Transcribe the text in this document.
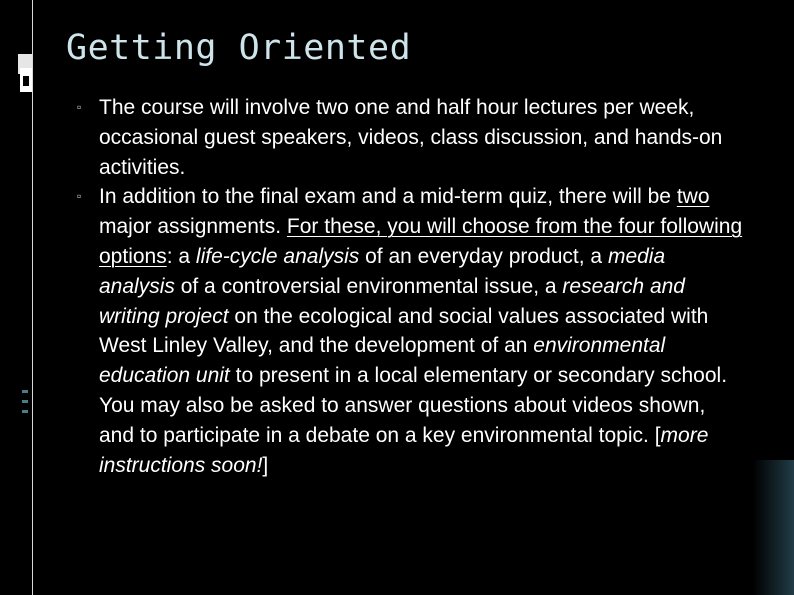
Getting Oriented
▫ The course will involve two one and half hour lectures per week, occasional guest speakers, videos, class discussion, and hands-on activities.
▫ In addition to the final exam and a mid-term quiz, there will be two major assignments. For these, you will choose from the four following options: a life-cycle analysis of an everyday product, a media analysis of a controversial environmental issue, a research and writing project on the ecological and social values associated with West Linley Valley, and the development of an environmental education unit to present in a local elementary or secondary school. You may also be asked to answer questions about videos shown, and to participate in a debate on a key environmental topic. [more instructions soon!]
